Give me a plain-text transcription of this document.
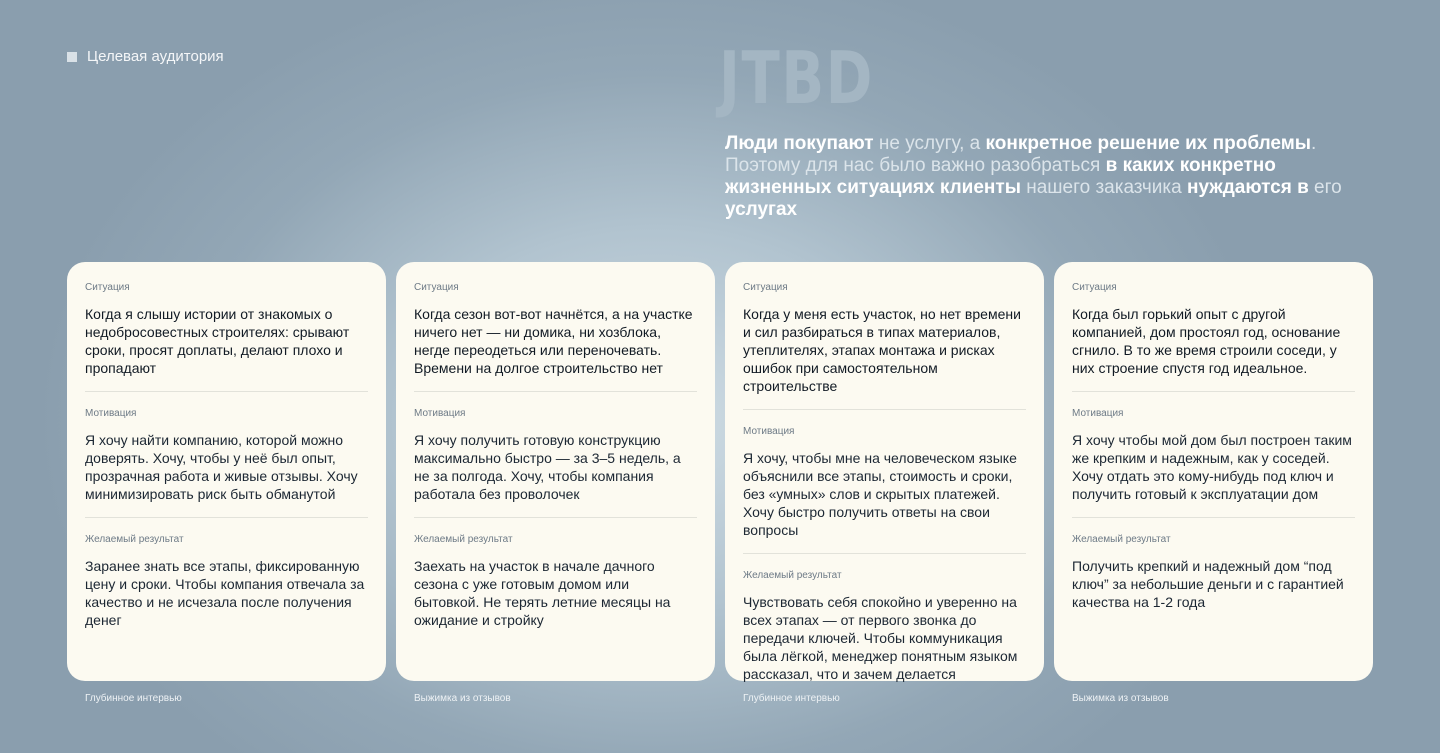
Целевая аудитория	JTBD

Люди покупают не услугу, а конкретное решение их проблемы. Поэтому для нас было важно разобраться в каких конкретно жизненных ситуациях клиенты нашего заказчика нуждаются в его услугах

Ситуация
Когда я слышу истории от знакомых о недобросовестных строителях: срывают сроки, просят доплаты, делают плохо и пропадают
Мотивация
Я хочу найти компанию, которой можно доверять. Хочу, чтобы у неё был опыт, прозрачная работа и живые отзывы. Хочу минимизировать риск быть обманутой
Желаемый результат
Заранее знать все этапы, фиксированную цену и сроки. Чтобы компания отвечала за качество и не исчезала после получения денег
Ситуация
Когда сезон вот-вот начнётся, а на участке ничего нет — ни домика, ни хозблока, негде переодеться или переночевать. Времени на долгое строительство нет
Мотивация
Я хочу получить готовую конструкцию максимально быстро — за 3–5 недель, а не за полгода. Хочу, чтобы компания работала без проволочек
Желаемый результат
Заехать на участок в начале дачного сезона с уже готовым домом или бытовкой. Не терять летние месяцы на ожидание и стройку
Ситуация
Когда у меня есть участок, но нет времени и сил разбираться в типах материалов, утеплителях, этапах монтажа и рисках ошибок при самостоятельном строительстве
Мотивация
Я хочу, чтобы мне на человеческом языке объяснили все этапы, стоимость и сроки, без «умных» слов и скрытых платежей. Хочу быстро получить ответы на свои вопросы
Желаемый результат
Чувствовать себя спокойно и уверенно на всех этапах — от первого звонка до передачи ключей. Чтобы коммуникация была лёгкой, менеджер понятным языком рассказал, что и зачем делается
Ситуация
Когда был горький опыт с другой компанией, дом простоял год, основание сгнило. В то же время строили соседи, у них строение спустя год идеальное.
Мотивация
Я хочу чтобы мой дом был построен таким же крепким и надежным, как у соседей. Хочу отдать это кому-нибудь под ключ и получить готовый к эксплуатации дом
Желаемый результат
Получить крепкий и надежный дом “под ключ” за небольшие деньги и с гарантией качества на 1-2 года
Глубинное интервью	Выжимка из отзывов	Глубинное интервью	Выжимка из отзывов
